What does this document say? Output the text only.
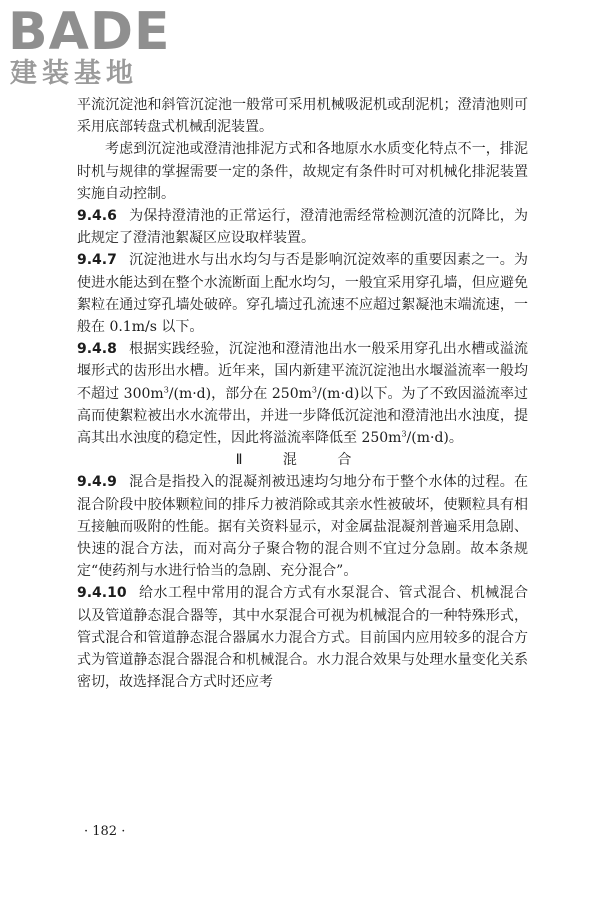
BADE
建装基地

平流沉淀池和斜管沉淀池一般常可采用机械吸泥机或刮泥机；澄清池则可采用底部转盘式机械刮泥装置。

考虑到沉淀池或澄清池排泥方式和各地原水水质变化特点不一，排泥时机与规律的掌握需要一定的条件，故规定有条件时可对机械化排泥装置实施自动控制。

9.4.6 为保持澄清池的正常运行，澄清池需经常检测沉渣的沉降比，为此规定了澄清池絮凝区应设取样装置。

9.4.7 沉淀池进水与出水均匀与否是影响沉淀效率的重要因素之一。为使进水能达到在整个水流断面上配水均匀，一般宜采用穿孔墙，但应避免絮粒在通过穿孔墙处破碎。穿孔墙过孔流速不应超过絮凝池末端流速，一般在 0.1m/s 以下。

9.4.8 根据实践经验，沉淀池和澄清池出水一般采用穿孔出水槽或溢流堰形式的齿形出水槽。近年来，国内新建平流沉淀池出水堰溢流率一般均不超过 $300m^3/(m\cdot d)$，部分在 $250m^3/(m\cdot d)$以下。为了不致因溢流率过高而使絮粒被出水水流带出，并进一步降低沉淀池和澄清池出水浊度，提高其出水浊度的稳定性，因此将溢流率降低至 $250m^3/(m\cdot d)$。

Ⅱ 混 合

9.4.9 混合是指投入的混凝剂被迅速均匀地分布于整个水体的过程。在混合阶段中胶体颗粒间的排斥力被消除或其亲水性被破坏，使颗粒具有相互接触而吸附的性能。据有关资料显示，对金属盐混凝剂普遍采用急剧、快速的混合方法，而对高分子聚合物的混合则不宜过分急剧。故本条规定“使药剂与水进行恰当的急剧、充分混合”。

9.4.10 给水工程中常用的混合方式有水泵混合、管式混合、机械混合以及管道静态混合器等，其中水泵混合可视为机械混合的一种特殊形式，管式混合和管道静态混合器属水力混合方式。目前国内应用较多的混合方式为管道静态混合器混合和机械混合。水力混合效果与处理水量变化关系密切，故选择混合方式时还应考

· 182 ·
